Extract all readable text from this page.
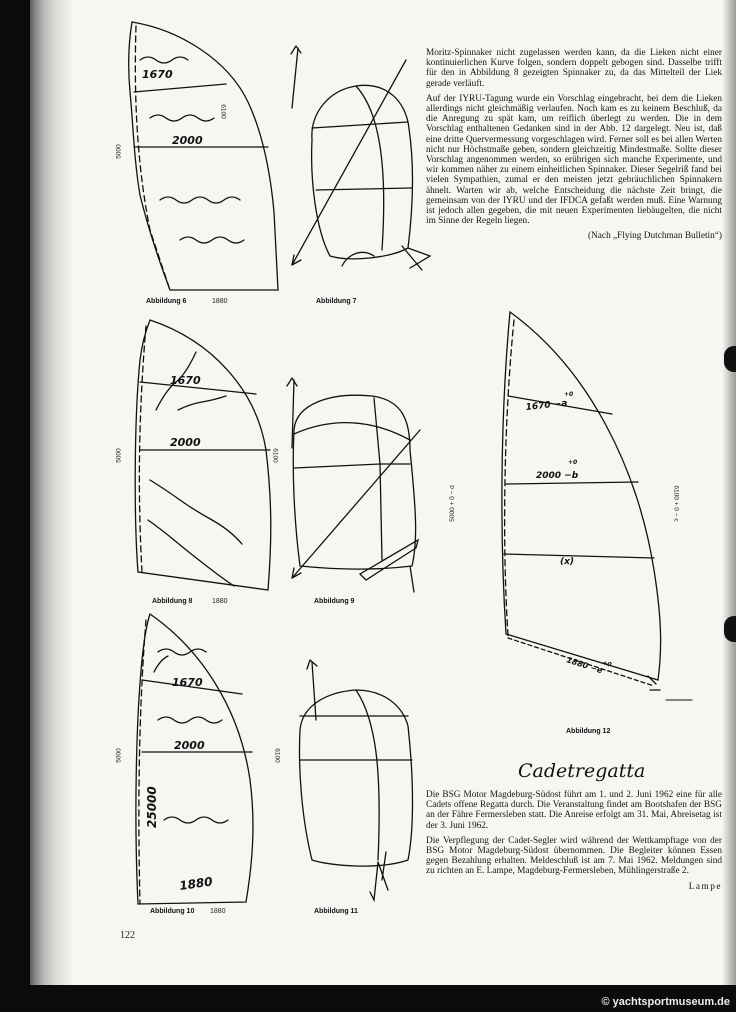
1670
2000
1670
2000
1670
2000
1880
25000
1670 −a
+0
2000 −b
+0
(x)
1880 −e
+0
Abbildung 6	1880
5000
6100
Abbildung 7
Abbildung 8	1880
5000	6100
Abbildung 9
Abbildung 10 1880
5000	6100
Abbildung 11
Abbildung 12
5000 + 0 − d	6100 + 0 − c

Moritz-Spinnaker nicht zugelassen werden kann, da die Lieken nicht einer kontinuierlichen Kurve folgen, sondern doppelt gebogen sind. Dasselbe trifft für den in Abbildung 8 gezeigten Spinnaker zu, da das Mittelteil der Liek gerade verläuft.

Auf der IYRU-Tagung wurde ein Vorschlag eingebracht, bei dem die Lieken allerdings nicht gleichmäßig verlaufen. Noch kam es zu keinem Beschluß, da die Anregung zu spät kam, um reiflich überlegt zu werden. Die in dem Vorschlag enthaltenen Gedanken sind in der Abb. 12 dargelegt. Neu ist, daß eine dritte Quervermessung vorgeschlagen wird. Ferner soll es bei allen Werten nicht nur Höchstmaße geben, sondern gleichzeitig Mindestmaße. Sollte dieser Vorschlag angenommen werden, so erübrigen sich manche Experimente, und wir kommen näher zu einem einheitlichen Spinnaker. Dieser Segelriß fand bei vielen Sympathien, zumal er den meisten jetzt gebräuchlichen Spinnakern ähnelt. Warten wir ab, welche Entscheidung die nächste Zeit bringt, die gemeinsam von der IYRU und der IFDCA gefaßt werden muß. Eine Warnung ist jedoch allen gegeben, die mit neuen Experimenten liebäugelten, die nicht im Sinne der Regeln liegen.

(Nach „Flying Dutchman Bulletin“)
Cadetregatta

Die BSG Motor Magdeburg-Südost führt am 1. und 2. Juni 1962 eine für alle Cadets offene Regatta durch. Die Veranstaltung findet am Bootshafen der BSG an der Fähre Fermersleben statt. Die Anreise erfolgt am 31. Mai, Abreisetag ist der 3. Juni 1962.

Die Verpflegung der Cadet-Segler wird während der Wettkampftage von der BSG Motor Magdeburg-Südost übernommen. Die Begleiter können Essen gegen Bezahlung erhalten. Meldeschluß ist am 7. Mai 1962. Meldungen sind zu richten an E. Lampe, Magdeburg-Fermersleben, Mühlingerstraße 2.

Lampe
122
© yachtsportmuseum.de
